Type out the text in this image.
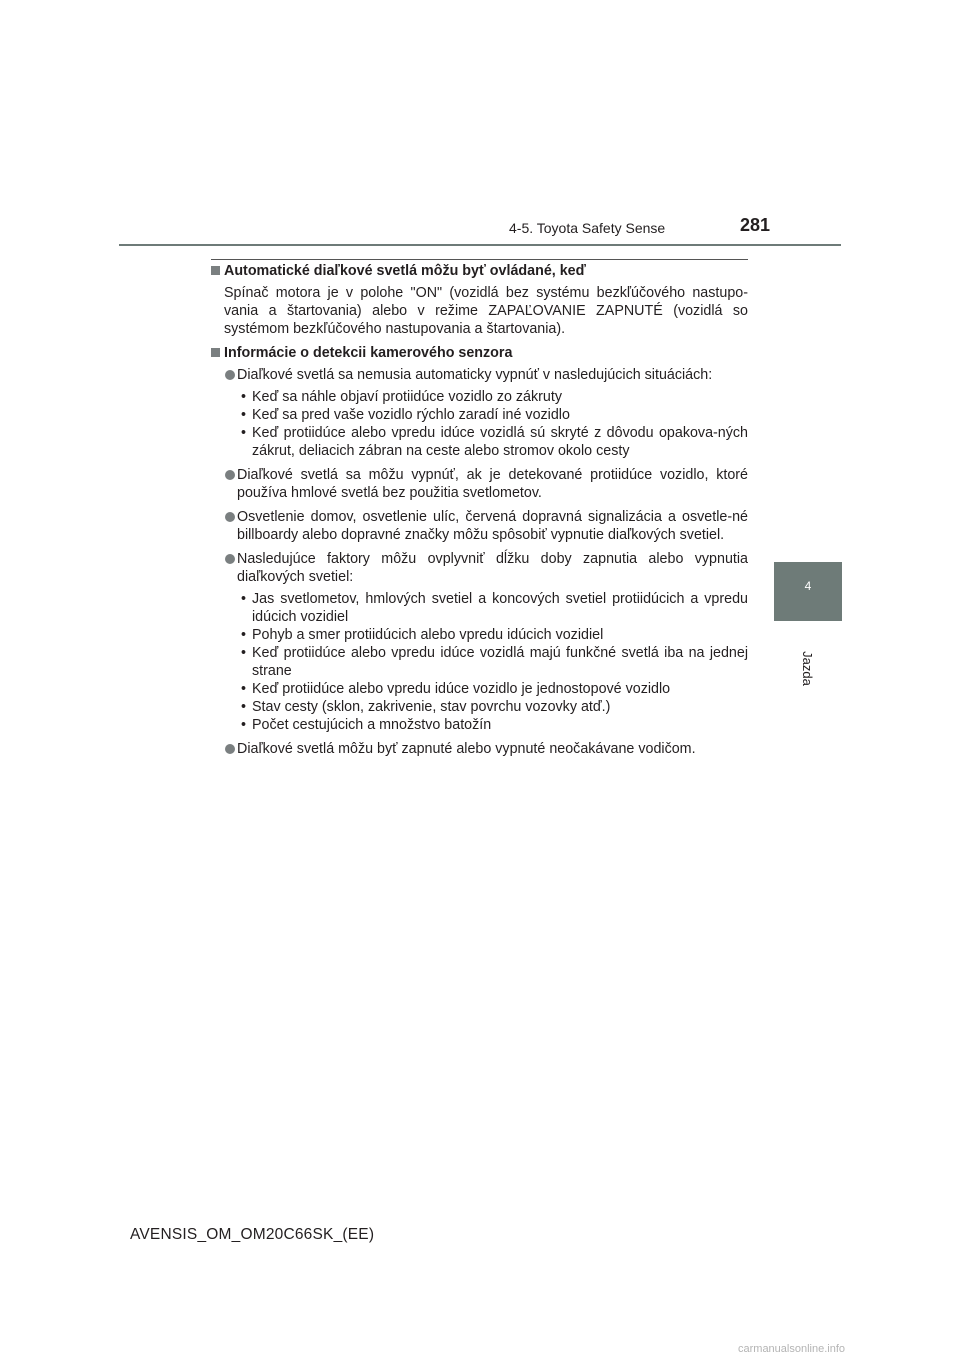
4-5. Toyota Safety Sense	281
4
Jazda
Automatické diaľkové svetlá môžu byť ovládané, keď
Spínač motora je v polohe "ON" (vozidlá bez systému bezkľúčového nastupo-vania a štartovania) alebo v režime ZAPAĽOVANIE ZAPNUTÉ (vozidlá so systémom bezkľúčového nastupovania a štartovania).
Informácie o detekcii kamerového senzora
Diaľkové svetlá sa nemusia automaticky vypnúť v nasledujúcich situáciách:
• Keď sa náhle objaví protiidúce vozidlo zo zákruty
• Keď sa pred vaše vozidlo rýchlo zaradí iné vozidlo
• Keď protiidúce alebo vpredu idúce vozidlá sú skryté z dôvodu opakova-ných zákrut, deliacich zábran na ceste alebo stromov okolo cesty
Diaľkové svetlá sa môžu vypnúť, ak je detekované protiidúce vozidlo, ktoré používa hmlové svetlá bez použitia svetlometov.
Osvetlenie domov, osvetlenie ulíc, červená dopravná signalizácia a osvetle-né billboardy alebo dopravné značky môžu spôsobiť vypnutie diaľkových svetiel.
Nasledujúce faktory môžu ovplyvniť dĺžku doby zapnutia alebo vypnutia diaľkových svetiel:
• Jas svetlometov, hmlových svetiel a koncových svetiel protiidúcich a vpredu idúcich vozidiel
• Pohyb a smer protiidúcich alebo vpredu idúcich vozidiel
• Keď protiidúce alebo vpredu idúce vozidlá majú funkčné svetlá iba na jednej strane
• Keď protiidúce alebo vpredu idúce vozidlo je jednostopové vozidlo
• Stav cesty (sklon, zakrivenie, stav povrchu vozovky atď.)
• Počet cestujúcich a množstvo batožín
Diaľkové svetlá môžu byť zapnuté alebo vypnuté neočakávane vodičom.
AVENSIS_OM_OM20C66SK_(EE)
carmanualsonline.info
